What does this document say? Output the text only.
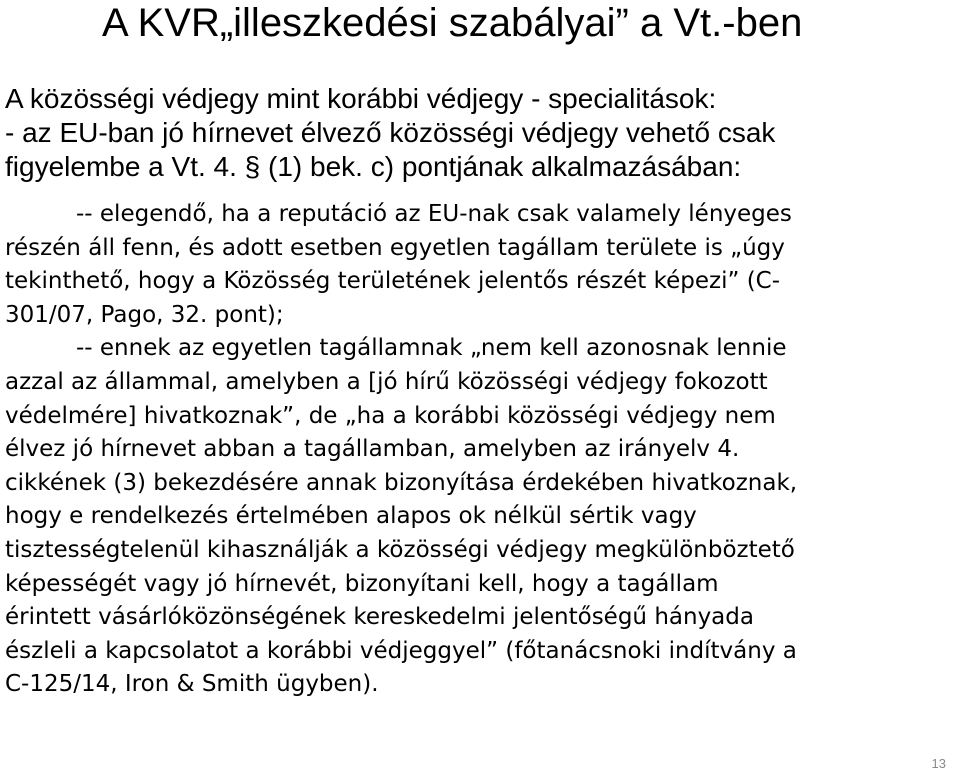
A KVR„illeszkedési szabályai” a Vt.-ben
A közösségi védjegy mint korábbi védjegy - specialitások:
- az EU-ban jó hírnevet élvező közösségi védjegy vehető csak
figyelembe a Vt. 4. § (1) bek. c) pontjának alkalmazásában:
-- elegendő, ha a reputáció az EU-nak csak valamely lényeges
részén áll fenn, és adott esetben egyetlen tagállam területe is „úgy
tekinthető, hogy a Közösség területének jelentős részét képezi” (C-
301/07, Pago, 32. pont);
-- ennek az egyetlen tagállamnak „nem kell azonosnak lennie
azzal az állammal, amelyben a [jó hírű közösségi védjegy fokozott
védelmére] hivatkoznak”, de „ha a korábbi közösségi védjegy nem
élvez jó hírnevet abban a tagállamban, amelyben az irányelv 4.
cikkének (3) bekezdésére annak bizonyítása érdekében hivatkoznak,
hogy e rendelkezés értelmében alapos ok nélkül sértik vagy
tisztességtelenül kihasználják a közösségi védjegy megkülönböztető
képességét vagy jó hírnevét, bizonyítani kell, hogy a tagállam
érintett vásárlóközönségének kereskedelmi jelentőségű hányada
észleli a kapcsolatot a korábbi védjeggyel” (főtanácsnoki indítvány a
C-125/14, Iron & Smith ügyben).
13
